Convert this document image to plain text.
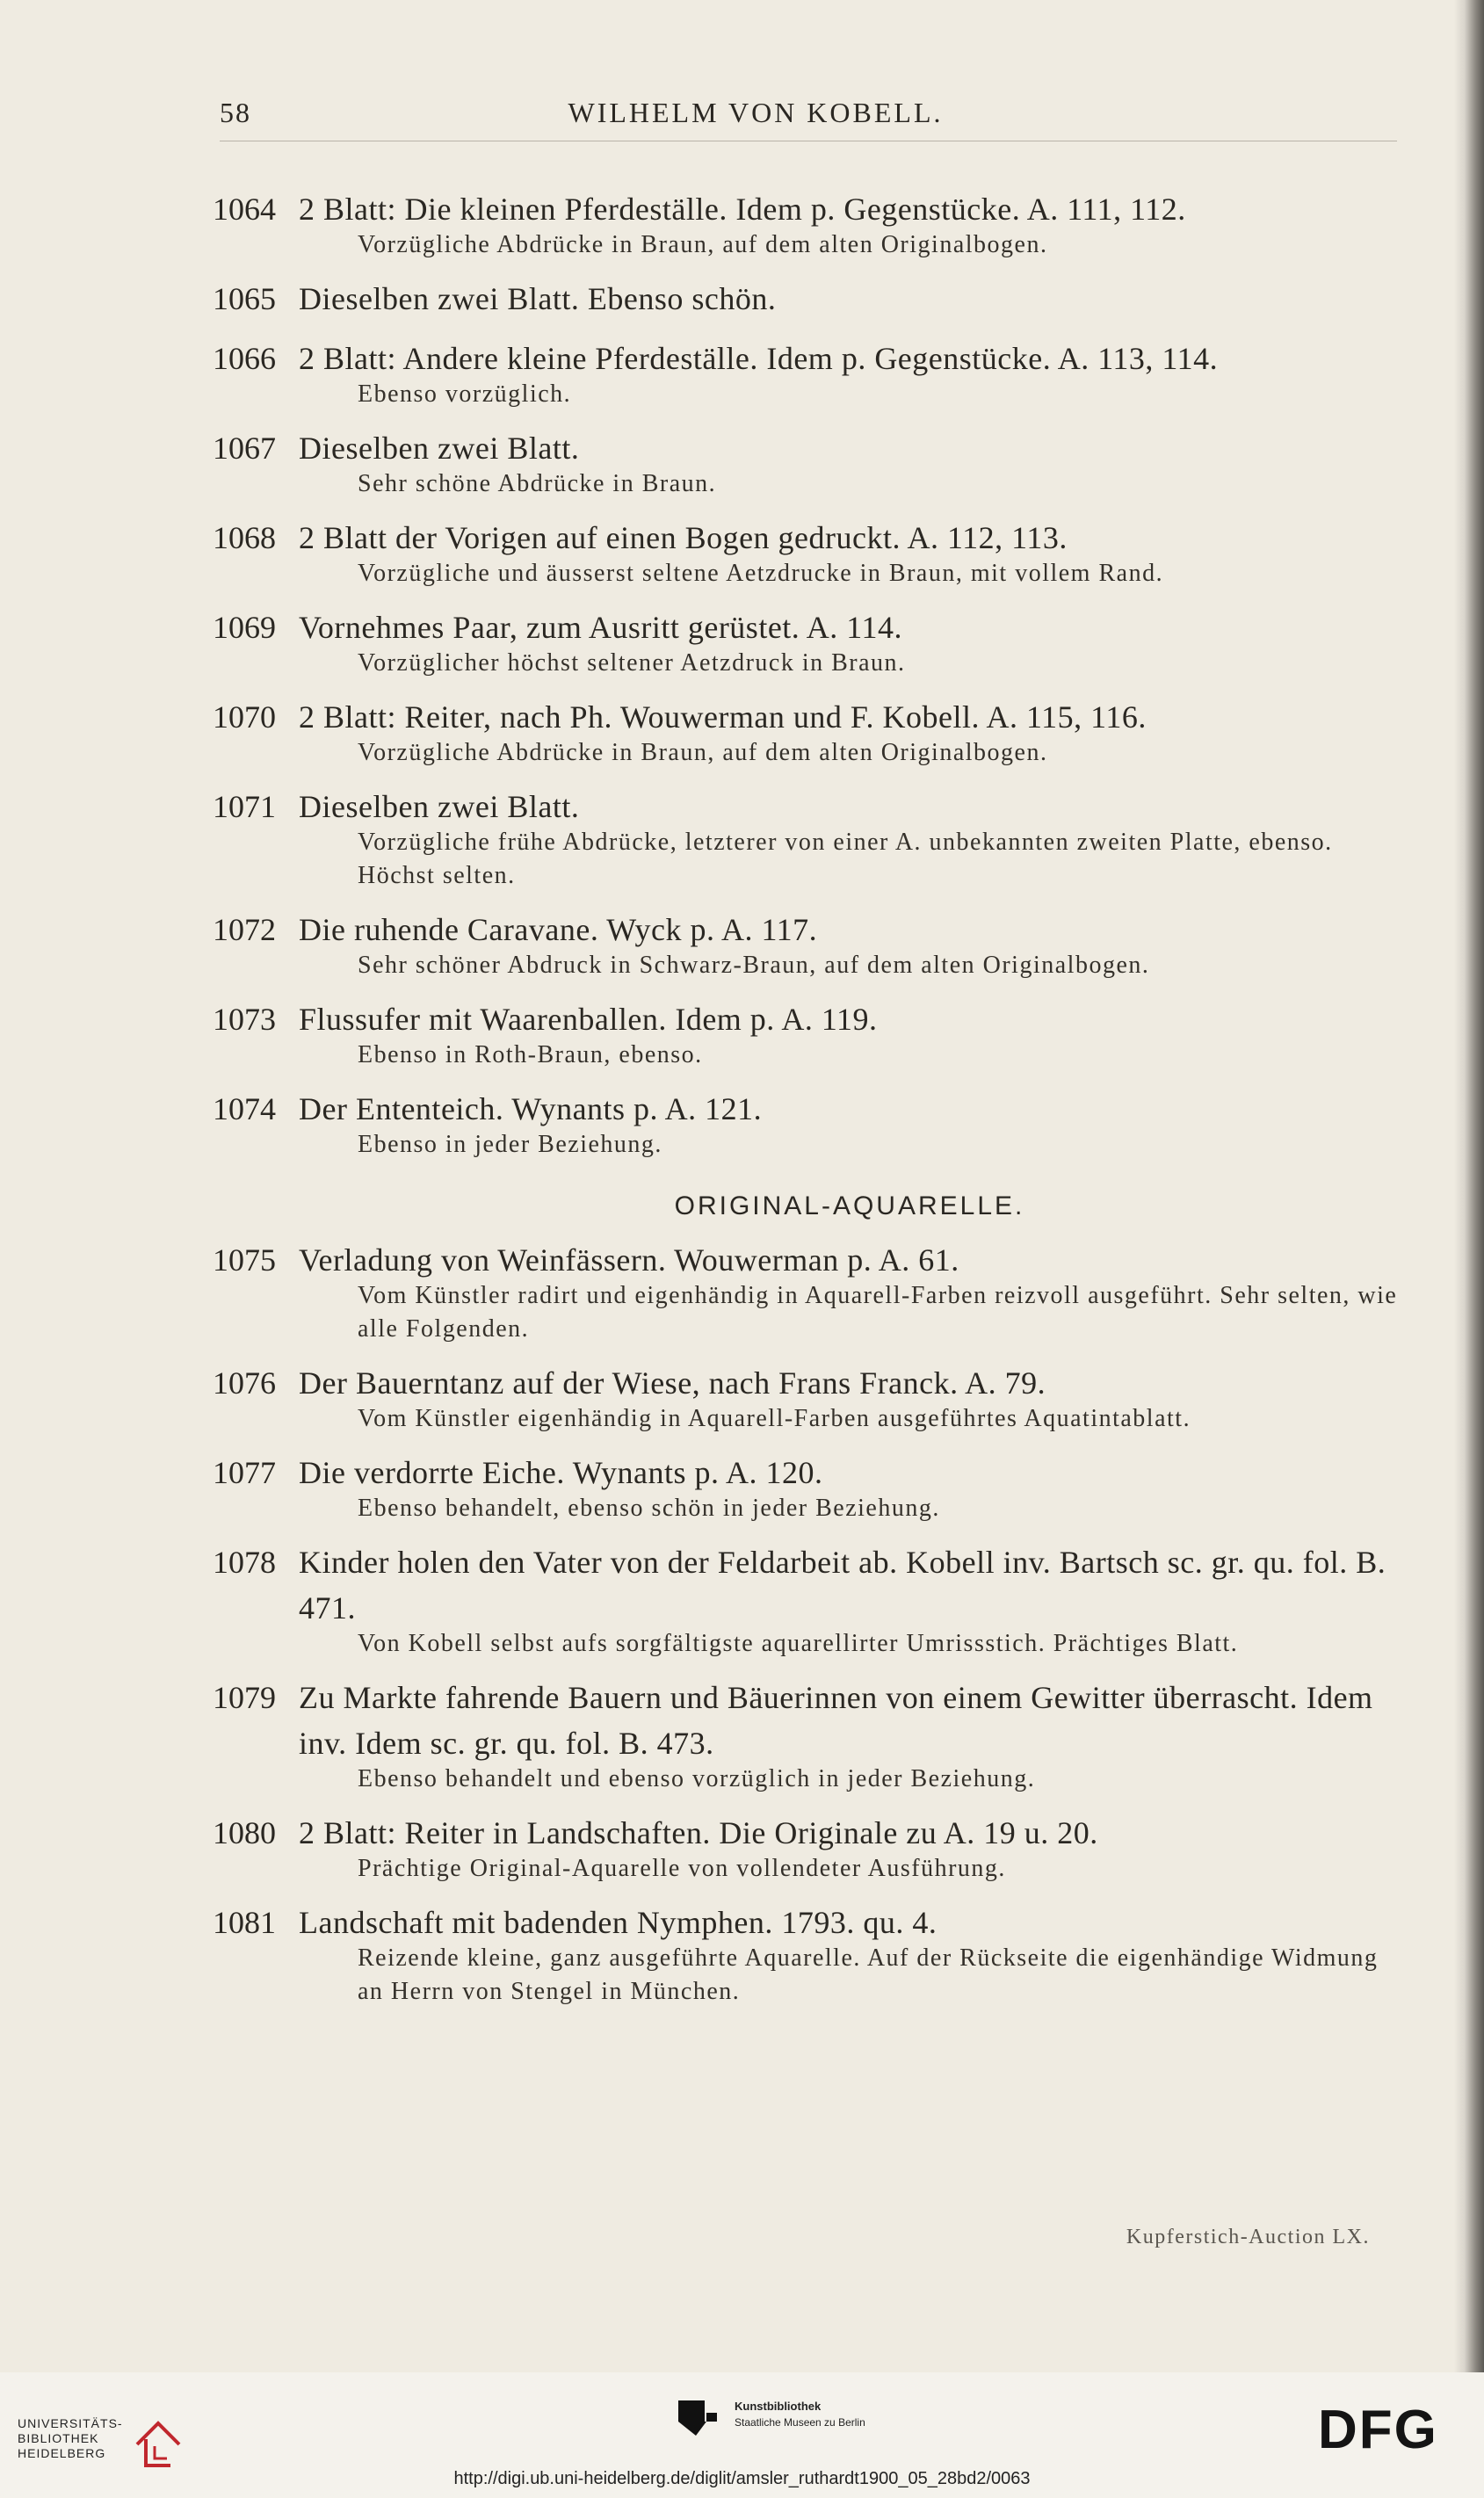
58	WILHELM VON KOBELL.
1064 2 Blatt: Die kleinen Pferdeställe. Idem p. Gegenstücke. A. 111, 112.
Vorzügliche Abdrücke in Braun, auf dem alten Originalbogen.
1065 Dieselben zwei Blatt. Ebenso schön.
1066 2 Blatt: Andere kleine Pferdeställe. Idem p. Gegenstücke. A. 113, 114.
Ebenso vorzüglich.
1067 Dieselben zwei Blatt.
Sehr schöne Abdrücke in Braun.
1068 2 Blatt der Vorigen auf einen Bogen gedruckt. A. 112, 113.
Vorzügliche und äusserst seltene Aetzdrucke in Braun, mit vollem Rand.
1069 Vornehmes Paar, zum Ausritt gerüstet. A. 114.
Vorzüglicher höchst seltener Aetzdruck in Braun.
1070 2 Blatt: Reiter, nach Ph. Wouwerman und F. Kobell. A. 115, 116.
Vorzügliche Abdrücke in Braun, auf dem alten Originalbogen.
1071 Dieselben zwei Blatt.
Vorzügliche frühe Abdrücke, letzterer von einer A. unbekannten zweiten Platte, ebenso. Höchst selten.
1072 Die ruhende Caravane. Wyck p. A. 117.
Sehr schöner Abdruck in Schwarz-Braun, auf dem alten Originalbogen.
1073 Flussufer mit Waarenballen. Idem p. A. 119.
Ebenso in Roth-Braun, ebenso.
1074 Der Ententeich. Wynants p. A. 121.
Ebenso in jeder Beziehung.
ORIGINAL-AQUARELLE.
1075 Verladung von Weinfässern. Wouwerman p. A. 61.
Vom Künstler radirt und eigenhändig in Aquarell-Farben reizvoll ausgeführt. Sehr selten, wie alle Folgenden.
1076 Der Bauerntanz auf der Wiese, nach Frans Franck. A. 79.
Vom Künstler eigenhändig in Aquarell-Farben ausgeführtes Aquatintablatt.
1077 Die verdorrte Eiche. Wynants p. A. 120.
Ebenso behandelt, ebenso schön in jeder Beziehung.
1078 Kinder holen den Vater von der Feldarbeit ab. Kobell inv. Bartsch sc. gr. qu. fol. B. 471.
Von Kobell selbst aufs sorgfältigste aquarellirter Umrissstich. Prächtiges Blatt.
1079 Zu Markte fahrende Bauern und Bäuerinnen von einem Gewitter überrascht. Idem inv. Idem sc. gr. qu. fol. B. 473.
Ebenso behandelt und ebenso vorzüglich in jeder Beziehung.
1080 2 Blatt: Reiter in Landschaften. Die Originale zu A. 19 u. 20.
Prächtige Original-Aquarelle von vollendeter Ausführung.
1081 Landschaft mit badenden Nymphen. 1793. qu. 4.
Reizende kleine, ganz ausgeführte Aquarelle. Auf der Rückseite die eigenhändige Widmung an Herrn von Stengel in München.
Kupferstich-Auction LX.
UNIVERSITÄTS-
BIBLIOTHEK
HEIDELBERG
Kunstbibliothek
Staatliche Museen zu Berlin	DFG
http://digi.ub.uni-heidelberg.de/diglit/amsler_ruthardt1900_05_28bd2/0063
